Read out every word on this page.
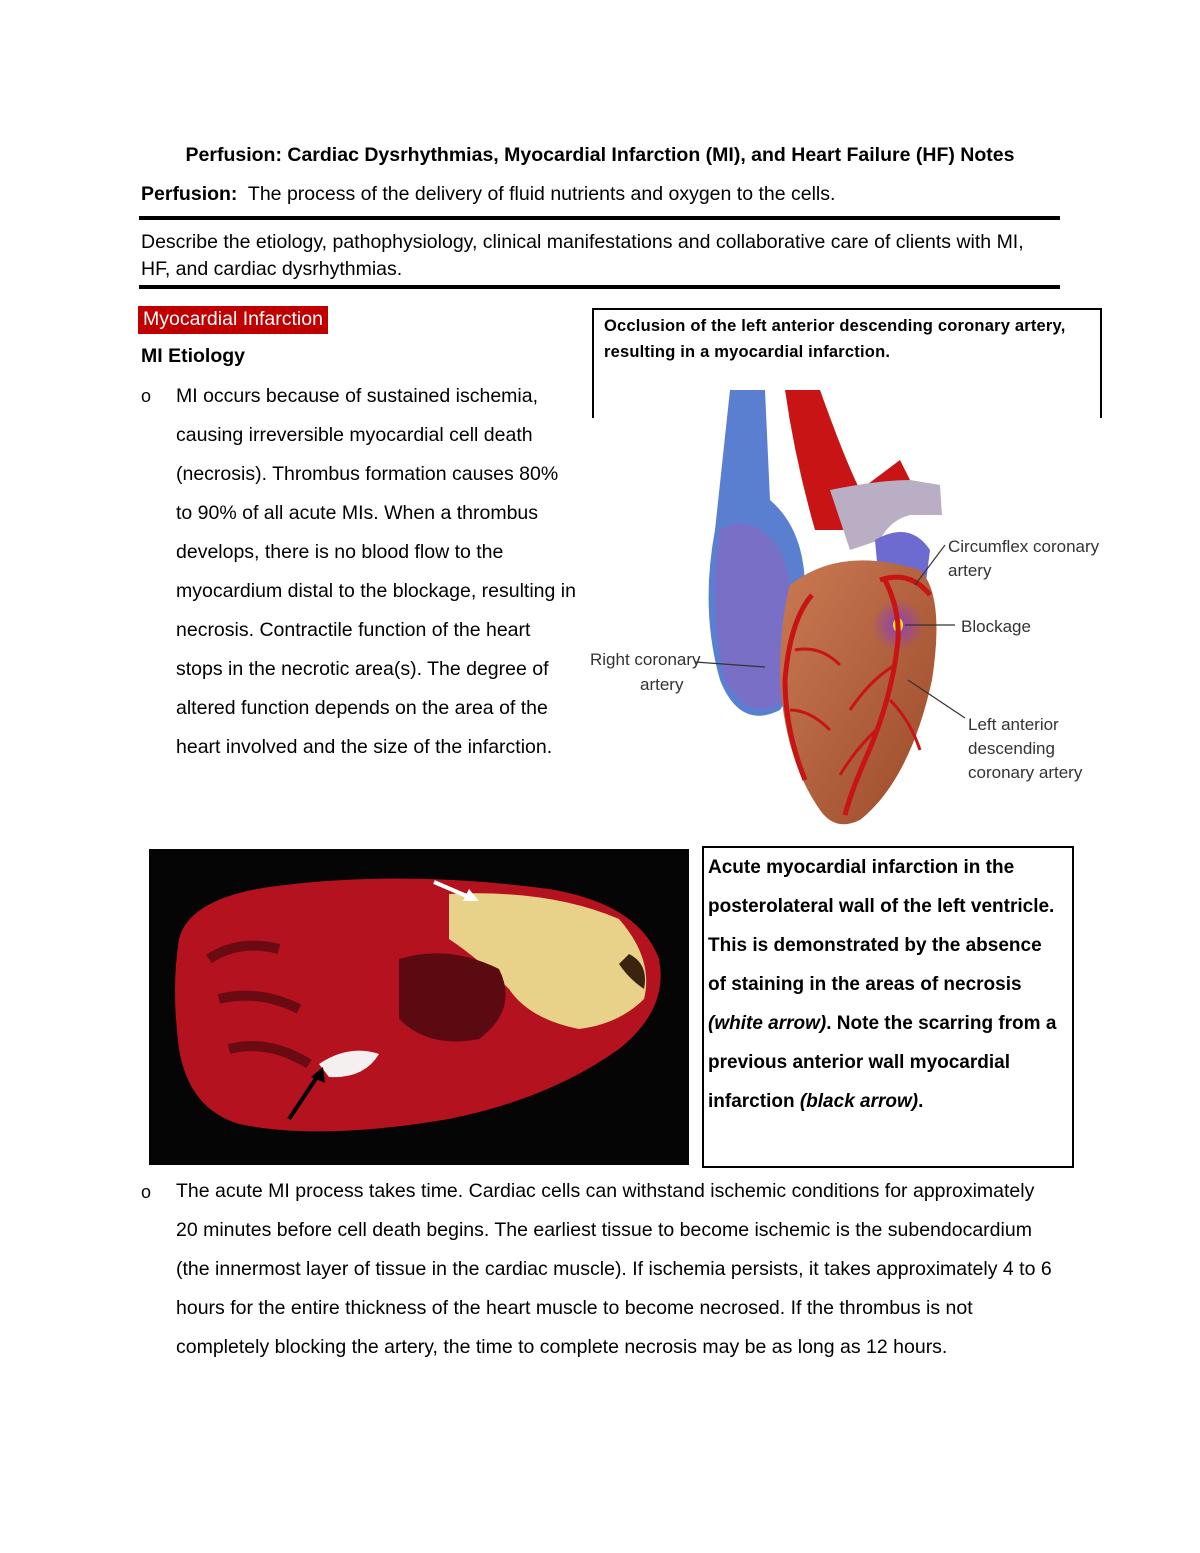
Perfusion: Cardiac Dysrhythmias, Myocardial Infarction (MI), and Heart Failure (HF) Notes
Perfusion: The process of the delivery of fluid nutrients and oxygen to the cells.
Describe the etiology, pathophysiology, clinical manifestations and collaborative care of clients with MI, HF, and cardiac dysrhythmias.
Myocardial Infarction
MI Etiology
o MI occurs because of sustained ischemia, causing irreversible myocardial cell death (necrosis). Thrombus formation causes 80% to 90% of all acute MIs. When a thrombus develops, there is no blood flow to the myocardium distal to the blockage, resulting in necrosis. Contractile function of the heart stops in the necrotic area(s). The degree of altered function depends on the area of the heart involved and the size of the infarction.
Occlusion of the left anterior descending coronary artery, resulting in a myocardial infarction.
Circumflex coronary
artery
Blockage
Right coronary
artery
Left anterior
descending
coronary artery
Acute myocardial infarction in the posterolateral wall of the left ventricle. This is demonstrated by the absence of staining in the areas of necrosis (white arrow). Note the scarring from a previous anterior wall myocardial infarction (black arrow).
o The acute MI process takes time. Cardiac cells can withstand ischemic conditions for approximately 20 minutes before cell death begins. The earliest tissue to become ischemic is the subendocardium (the innermost layer of tissue in the cardiac muscle). If ischemia persists, it takes approximately 4 to 6 hours for the entire thickness of the heart muscle to become necrosed. If the thrombus is not completely blocking the artery, the time to complete necrosis may be as long as 12 hours.
